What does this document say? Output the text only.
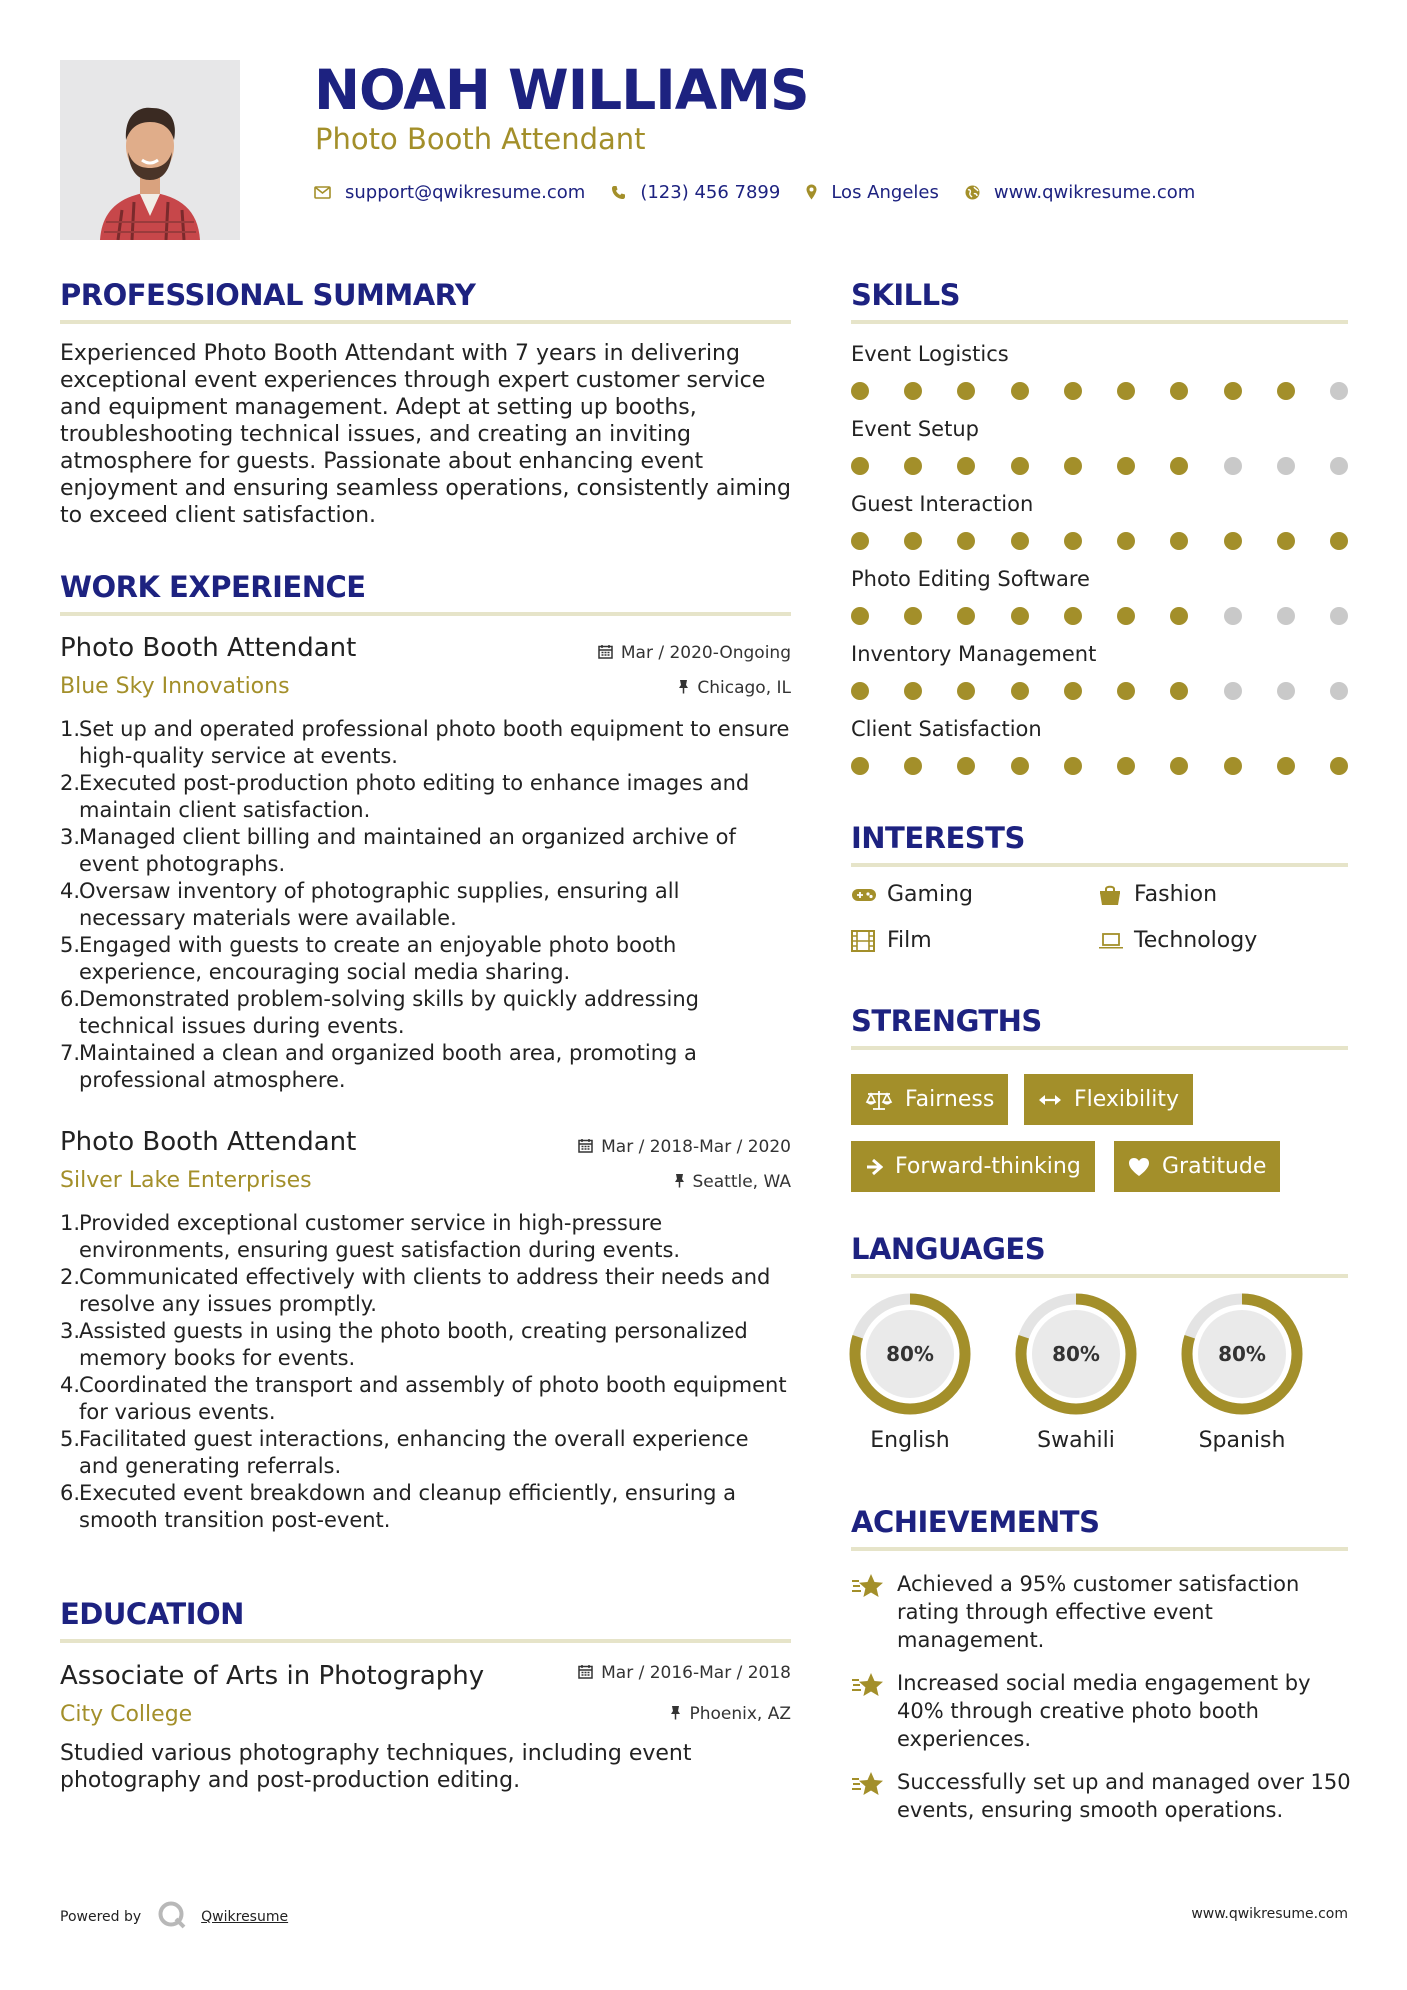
NOAH WILLIAMS
Photo Booth Attendant
support@qwikresume.com	(123) 456 7899	Los Angeles	www.qwikresume.com
PROFESSIONAL SUMMARY
Experienced Photo Booth Attendant with 7 years in delivering exceptional event experiences through expert customer service and equipment management. Adept at setting up booths, troubleshooting technical issues, and creating an inviting atmosphere for guests. Passionate about enhancing event enjoyment and ensuring seamless operations, consistently aiming to exceed client satisfaction.
WORK EXPERIENCE
Photo Booth Attendant	Mar / 2020-Ongoing
Blue Sky Innovations	Chicago, IL
Set up and operated professional photo booth equipment to ensure high-quality service at events.
Executed post-production photo editing to enhance images and maintain client satisfaction.
Managed client billing and maintained an organized archive of event photographs.
Oversaw inventory of photographic supplies, ensuring all necessary materials were available.
Engaged with guests to create an enjoyable photo booth experience, encouraging social media sharing.
Demonstrated problem-solving skills by quickly addressing technical issues during events.
Maintained a clean and organized booth area, promoting a professional atmosphere.
Photo Booth Attendant	Mar / 2018-Mar / 2020
Silver Lake Enterprises	Seattle, WA
Provided exceptional customer service in high-pressure environments, ensuring guest satisfaction during events.
Communicated effectively with clients to address their needs and resolve any issues promptly.
Assisted guests in using the photo booth, creating personalized memory books for events.
Coordinated the transport and assembly of photo booth equipment for various events.
Facilitated guest interactions, enhancing the overall experience and generating referrals.
Executed event breakdown and cleanup efficiently, ensuring a smooth transition post-event.
EDUCATION
Associate of Arts in Photography	Mar / 2016-Mar / 2018
City College	Phoenix, AZ
Studied various photography techniques, including event photography and post-production editing.
SKILLS
Event Logistics
Event Setup
Guest Interaction
Photo Editing Software
Inventory Management
Client Satisfaction
INTERESTS
Gaming	Fashion
Film	Technology
STRENGTHS
Fairness	Flexibility
Forward-thinking	Gratitude
LANGUAGES
80%
English
80%
Swahili
80%
Spanish
ACHIEVEMENTS
Achieved a 95% customer satisfaction rating through effective event management.
Increased social media engagement by 40% through creative photo booth experiences.
Successfully set up and managed over 150 events, ensuring smooth operations.
Powered by	Qwikresume	www.qwikresume.com
